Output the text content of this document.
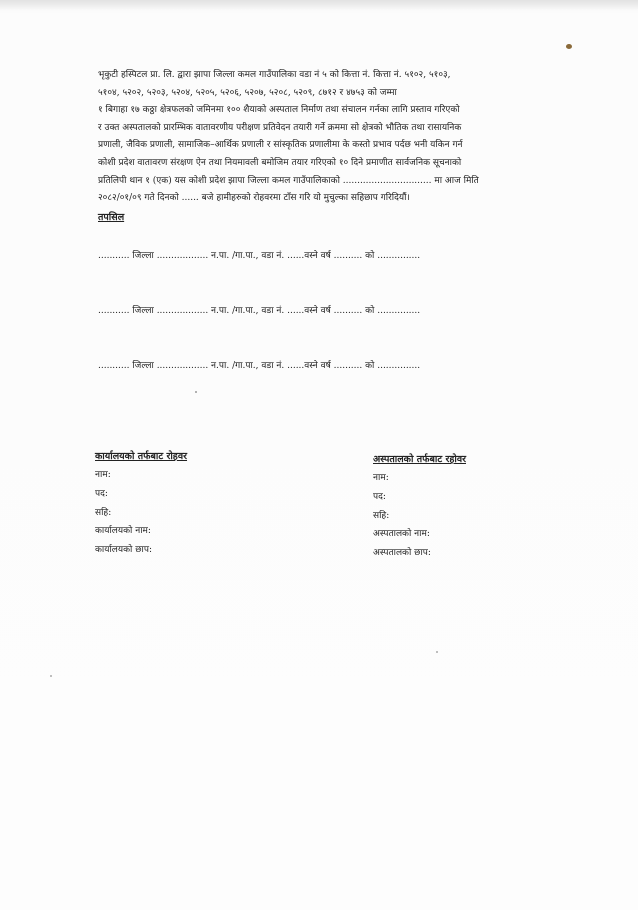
भृकुटी हस्पिटल प्रा. लि. द्वारा झापा जिल्ला कमल गाउँपालिका वडा नं ५ को कित्ता नं. कित्ता नं. ५१०२, ५१०३,
५१०४, ५२०२, ५२०३, ५२०४, ५२०५, ५२०६, ५२०७, ५२०८, ५२०९, ८७१२ र ४७५३ को जम्मा
१ बिगाहा १७ कठ्ठा क्षेत्रफलको जमिनमा १०० शैयाको अस्पताल निर्माण तथा संचालन गर्नका लागि प्रस्ताव गरिएको
र उक्त अस्पतालको प्रारम्भिक वातावरणीय परीक्षण प्रतिवेदन तयारी गर्ने क्रममा सो क्षेत्रको भौतिक तथा रासायनिक
प्रणाली, जैविक प्रणाली, सामाजिक–आर्थिक प्रणाली र सांस्कृतिक प्रणालीमा के कस्तो प्रभाव पर्दछ भनी यकिन गर्न
कोशी प्रदेश वातावरण संरक्षण ऐन तथा नियमावली बमोजिम तयार गरिएको १० दिने प्रमाणीत सार्वजनिक सूचनाको
प्रतिलिपी थान १ (एक) यस कोशी प्रदेश झापा जिल्ला कमल गाउँपालिकाको ............................... मा आज मिति
२०८२/०१/०९ गते दिनको ...... बजे हामीहरुको रोहवरमा टाँस गरि यो मुचुल्का सहिछाप गरिदियौं।
तपसिल
........... जिल्ला .................. न.पा. /गा.पा., वडा नं. ......वस्ने वर्ष .......... को ...............
........... जिल्ला .................. न.पा. /गा.पा., वडा नं. ......वस्ने वर्ष .......... को ...............
........... जिल्ला .................. न.पा. /गा.पा., वडा नं. ......वस्ने वर्ष .......... को ...............
कार्यालयको तर्फबाट रोहवर
नाम:
पद:
सहि:
कार्यालयको नाम:
कार्यालयको छाप:
अस्पतालको तर्फबाट रहोवर
नाम:
पद:
सहि:
अस्पतालको नाम:
अस्पतालको छाप:
